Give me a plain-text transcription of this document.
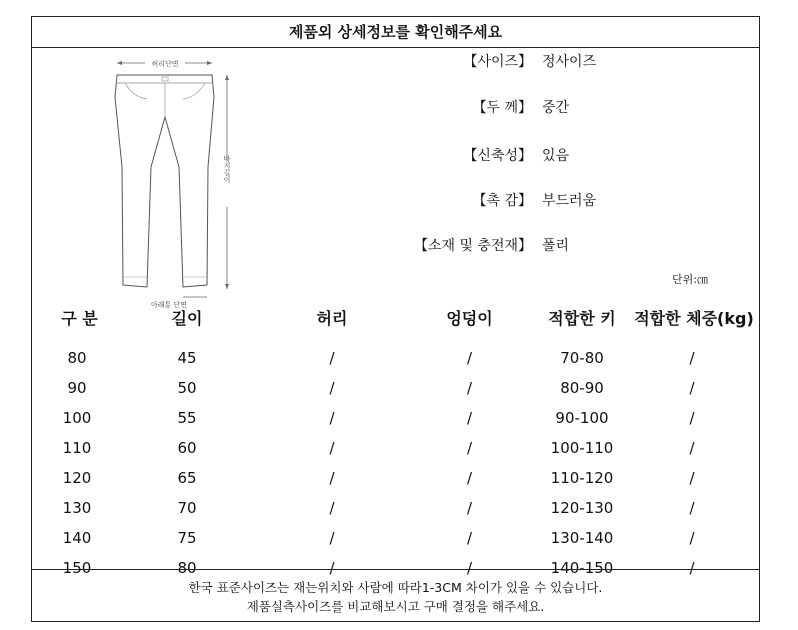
제품외 상세정보를 확인해주세요
허리단면
바지길이
아래통 단면
【사이즈】 정사이즈
【두 께】 중간
【신축성】 있음
【촉 감】 부드러움
【소재 및 충전재】 폴리
단위:㎝
구 분	길이	허리	엉덩이	적합한 키	적합한 체중(kg)
80	45	/	/	70-80	/
90	50	/	/	80-90	/
100	55	/	/	90-100	/
110	60	/	/	100-110	/
120	65	/	/	110-120	/
130	70	/	/	120-130	/
140	75	/	/	130-140	/
150	80	/	/	140-150	/
한국 표준사이즈는 재는위치와 사람에 따라1-3CM 차이가 있을 수 있습니다.
제품실측사이즈를 비교해보시고 구매 결정을 해주세요.
